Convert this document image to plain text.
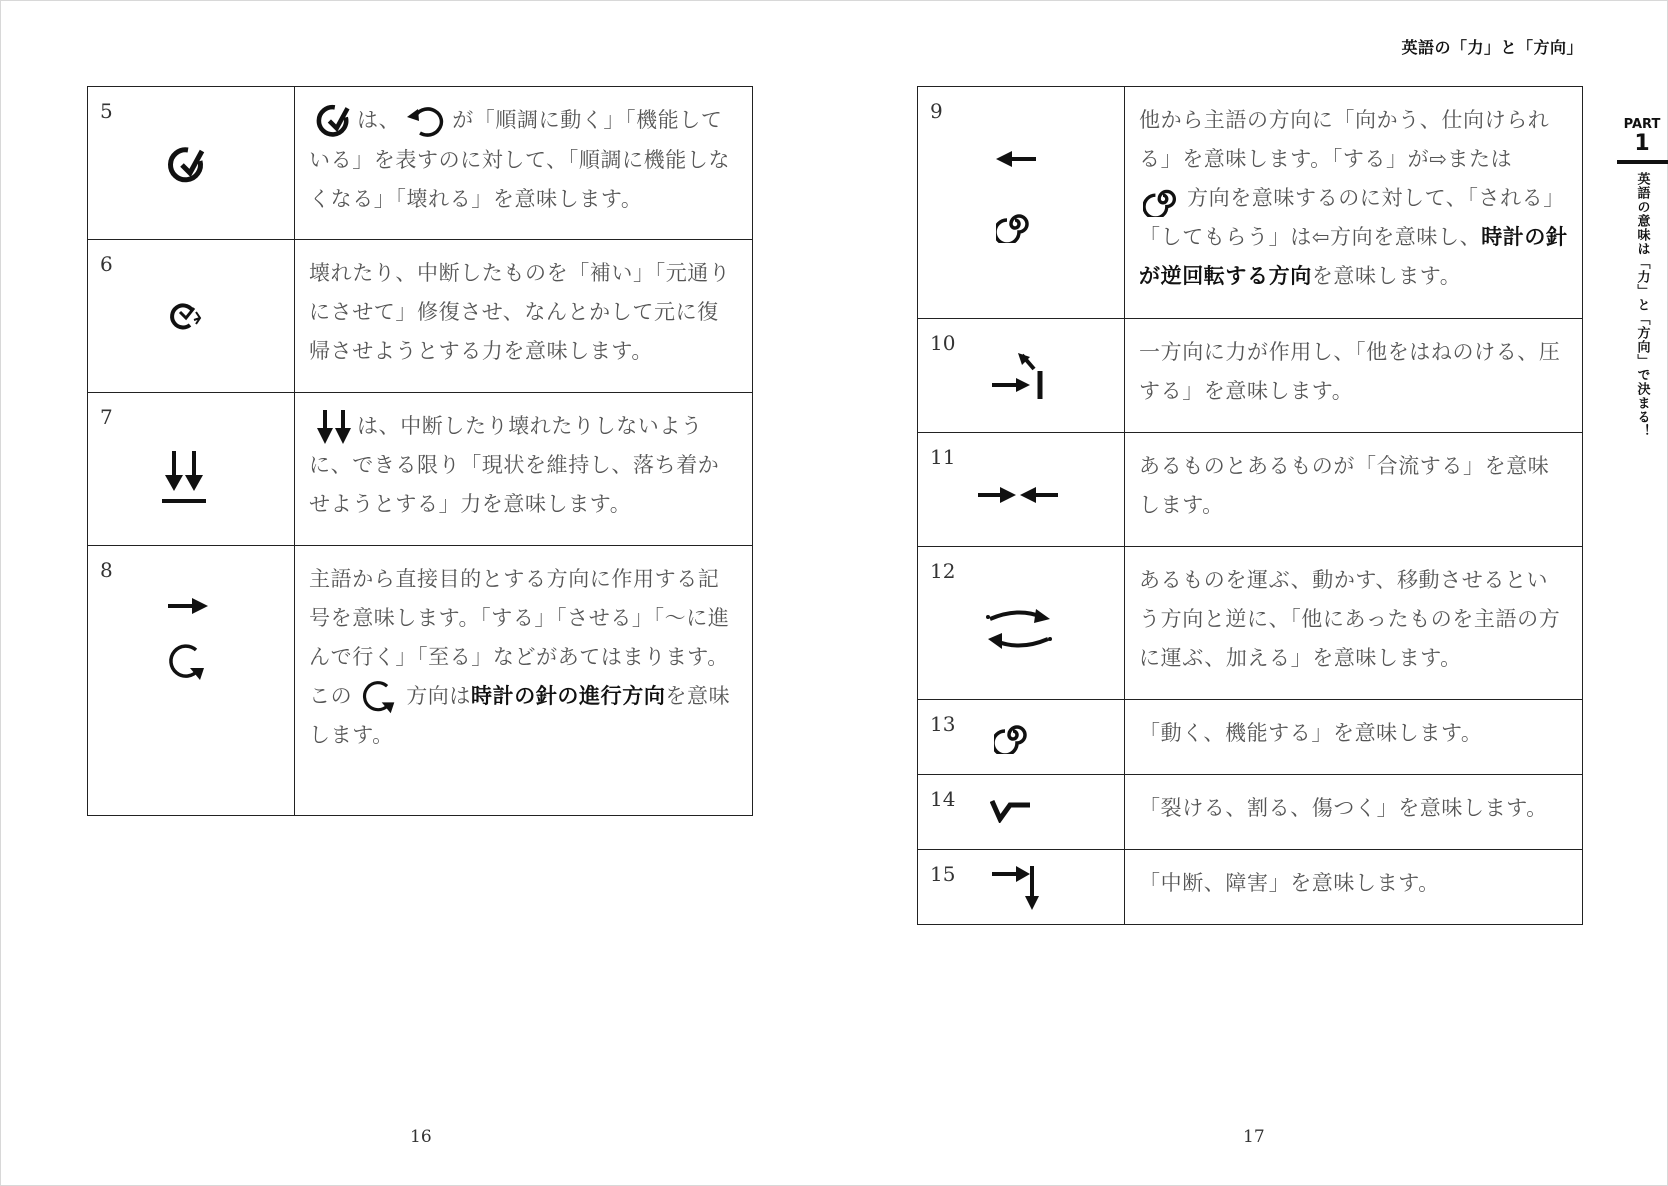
英語の「力」と「方向」
PART
1
英語の意味は「力」と「方向」で決まる！
5	は、 が「順調に動く」「機能している」を表すのに対して、「順調に機能しなくなる」「壊れる」を意味します。

6	壊れたり、中断したものを「補い」「元通りにさせて」修復させ、なんとかして元に復帰させようとする力を意味します。

7	は、中断したり壊れたりしないように、できる限り「現状を維持し、落ち着かせようとする」力を意味します。

8	主語から直接目的とする方向に作用する記号を意味します。「する」「させる」「〜に進んで行く」「至る」などがあてはまります。
この 方向は時計の針の進行方向を意味します。
9	他から主語の方向に「向かう、仕向けられる」を意味します。「する」が⇨または
方向を意味するのに対して、「される」「してもらう」は⇦方向を意味し、時計の針が逆回転する方向を意味します。

10	一方向に力が作用し、「他をはねのける、圧する」を意味します。

11	あるものとあるものが「合流する」を意味します。

12	あるものを運ぶ、動かす、移動させるという方向と逆に、「他にあったものを主語の方に運ぶ、加える」を意味します。

13	「動く、機能する」を意味します。

14	「裂ける、割る、傷つく」を意味します。

15	「中断、障害」を意味します。
16	17
